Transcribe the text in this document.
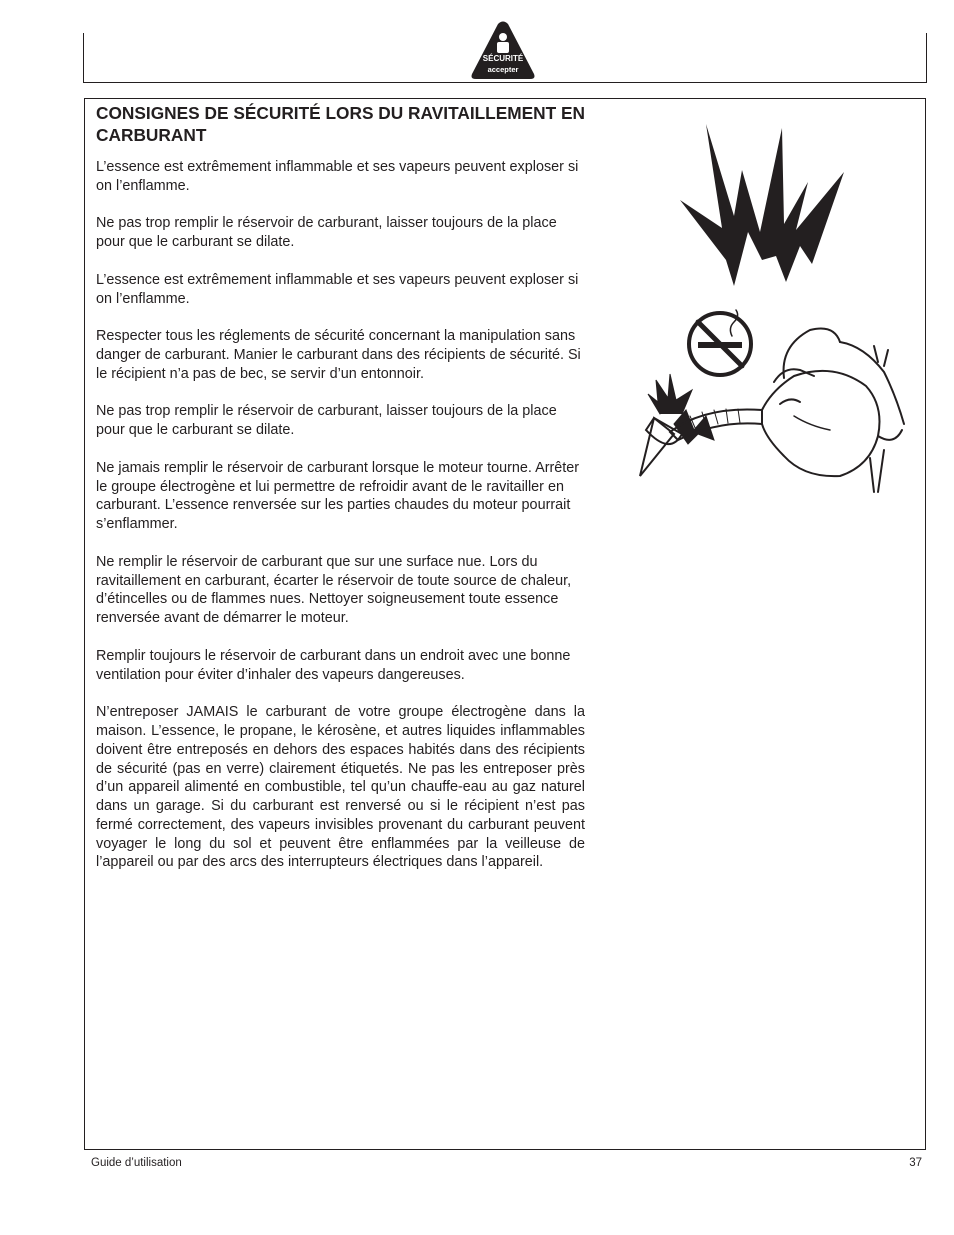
SÉCURITÉ
accepter
CONSIGNES DE SÉCURITÉ LORS DU RAVITAILLEMENT EN CARBURANT

L’essence est extrêmement inflammable et ses vapeurs peuvent exploser si on l’enflamme.

Ne pas trop remplir le réservoir de carburant, laisser toujours de la place pour que le carburant se dilate.

L’essence est extrêmement inflammable et ses vapeurs peuvent exploser si on l’enflamme.

Respecter tous les réglements de sécurité concernant la manipulation sans danger de carburant. Manier le carburant dans des récipients de sécurité. Si le récipient n’a pas de bec, se servir d’un entonnoir.

Ne pas trop remplir le réservoir de carburant, laisser toujours de la place pour que le carburant se dilate.

Ne jamais remplir le réservoir de carburant lorsque le moteur tourne. Arrêter le groupe électrogène et lui permettre de refroidir avant de le ravitailler en carburant. L’essence renversée sur les parties chaudes du moteur pourrait s’enflammer.

Ne remplir le réservoir de carburant que sur une surface nue. Lors du ravitaillement en carburant, écarter le réservoir de toute source de chaleur, d’étincelles ou de flammes nues. Nettoyer soigneusement toute essence renversée avant de démarrer le moteur.

Remplir toujours le réservoir de carburant dans un endroit avec une bonne ventilation pour éviter d’inhaler des vapeurs dangereuses.

N’entreposer JAMAIS le carburant de votre groupe électrogène dans la maison. L’essence, le propane, le kérosène, et autres liquides inflammables doivent être entreposés en dehors des espaces habités dans des récipients de sécurité (pas en verre) clairement étiquetés. Ne pas les entreposer près d’un appareil alimenté en combustible, tel qu’un chauffe-eau au gaz naturel dans un garage. Si du carburant est renversé ou si le récipient n’est pas fermé correctement, des vapeurs invisibles provenant du carburant peuvent voyager le long du sol et peuvent être enflammées par la veilleuse de l’appareil ou par des arcs des interrupteurs électriques dans l’appareil.

Guide d’utilisation	37
